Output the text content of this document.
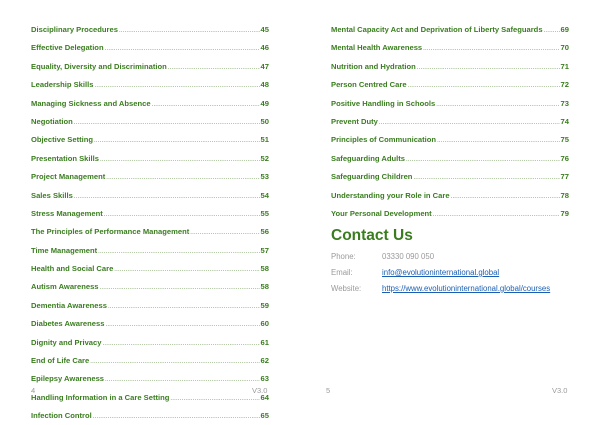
Disciplinary Procedures .....	45
Effective Delegation .....	46
Equality, Diversity and Discrimination .....	47
Leadership Skills .....	48
Managing Sickness and Absence .....	49
Negotiation .....	50
Objective Setting .....	51
Presentation Skills .....	52
Project Management .....	53
Sales Skills .....	54
Stress Management .....	55
The Principles of Performance Management .....	56
Time Management .....	57
Health and Social Care .....	58
Autism Awareness .....	58
Dementia Awareness .....	59
Diabetes Awareness .....	60
Dignity and Privacy .....	61
End of Life Care .....	62
Epilepsy Awareness .....	63
Handling Information in a Care Setting .....	64
Infection Control .....	65
4	V3.0
Mental Capacity Act and Deprivation of Liberty Safeguards ..... 69
Mental Health Awareness .....	70
Nutrition and Hydration .....	71
Person Centred Care .....	72
Positive Handling in Schools .....	73
Prevent Duty .....	74
Principles of Communication .....	75
Safeguarding Adults .....	76
Safeguarding Children .....	77
Understanding your Role in Care .....	78
Your Personal Development .....	79
Contact Us
Phone:	03330 090 050
Email:	info@evolutioninternational.global
Website:	https://www.evolutioninternational.global/courses
5	V3.0
